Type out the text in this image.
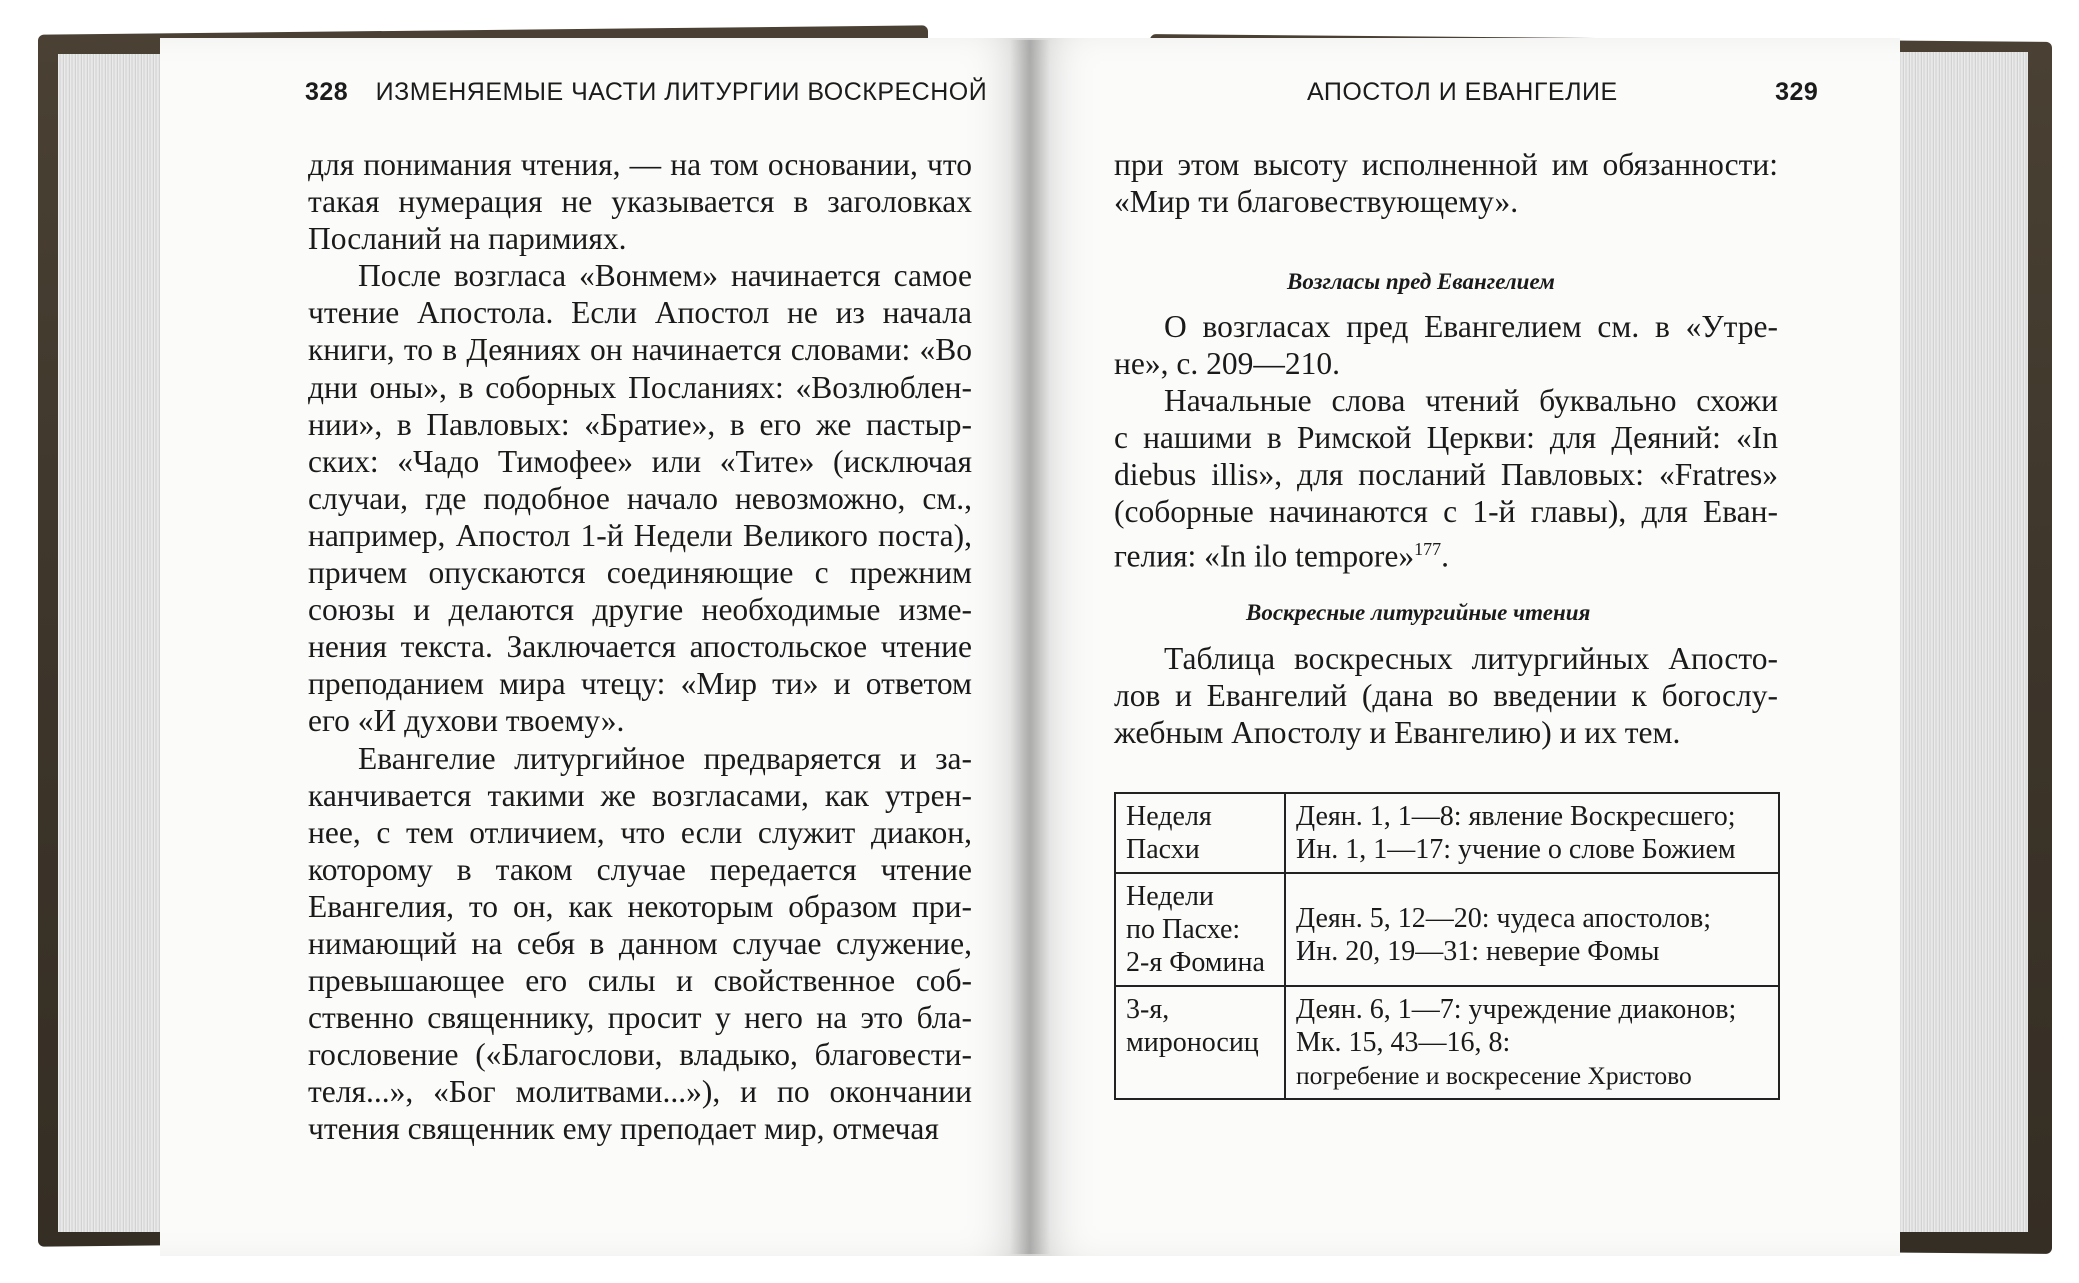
328 ИЗМЕНЯЕМЫЕ ЧАСТИ ЛИТУРГИИ ВОСКРЕСНОЙ	АПОСТОЛ И ЕВАНГЕЛИЕ	329
для понимания чтения, — на том основании, что
такая нумерация не указывается в заголовках
Посланий на паримиях.
После возгласа «Вонмем» начинается самое
чтение Апостола. Если Апостол не из начала
книги, то в Деяниях он начинается словами: «Во
дни оны», в соборных Посланиях: «Возлюблен-
нии», в Павловых: «Братие», в его же пастыр-
ских: «Чадо Тимофее» или «Тите» (исключая
случаи, где подобное начало невозможно, см.,
например, Апостол 1-й Недели Великого поста),
причем опускаются соединяющие с прежним
союзы и делаются другие необходимые изме-
нения текста. Заключается апостольское чтение
преподанием мира чтецу: «Мир ти» и ответом
его «И духови твоему».
Евангелие литургийное предваряется и за-
канчивается такими же возгласами, как утрен-
нее, с тем отличием, что если служит диакон,
которому в таком случае передается чтение
Евангелия, то он, как некоторым образом при-
нимающий на себя в данном случае служение,
превышающее его силы и свойственное соб-
ственно священнику, просит у него на это бла-
гословение («Благослови, владыко, благовести-
теля...», «Бог молитвами...»), и по окончании
чтения священник ему преподает мир, отмечая
при этом высоту исполненной им обязанности:
«Мир ти благовествующему».
Возгласы пред Евангелием
О возгласах пред Евангелием см. в «Утре-
не», с. 209—210.
Начальные слова чтений буквально схожи
с нашими в Римской Церкви: для Деяний: «In
diebus illis», для посланий Павловых: «Fratres»
(соборные начинаются с 1-й главы), для Еван-
гелия: «In ilo tempore»$^{177}$.
Воскресные литургийные чтения
Таблица воскресных литургийных Апосто-
лов и Евангелий (дана во введении к богослу-
жебным Апостолу и Евангелию) и их тем.
Неделя
Пасхи	Деян. 1, 1—8: явление Воскресшего;
Ин. 1, 1—17: учение о слове Божием

Недели
по Пасхе:
2-я Фомина	Деян. 5, 12—20: чудеса апостолов;
Ин. 20, 19—31: неверие Фомы

3-я,
мироносиц	Деян. 6, 1—7: учреждение диаконов;
Мк. 15, 43—16, 8:
погребение и воскресение Христово
